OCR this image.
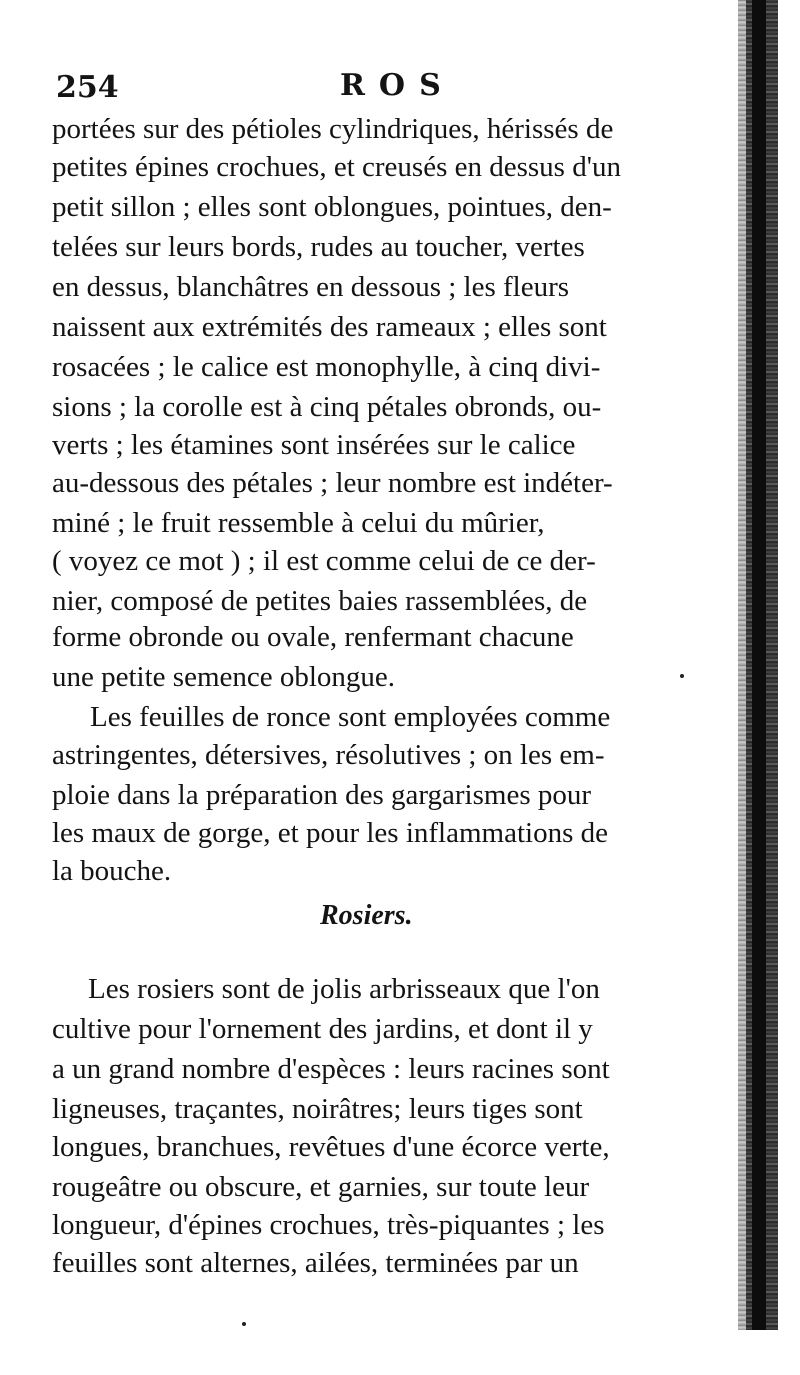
254	ROS
portées sur des pétioles cylindriques, hérissés de
petites épines crochues, et creusés en dessus d'un
petit sillon ; elles sont oblongues, pointues, den-
telées sur leurs bords, rudes au toucher, vertes
en dessus, blanchâtres en dessous ; les fleurs
naissent aux extrémités des rameaux ; elles sont
rosacées ; le calice est monophylle, à cinq divi-
sions ; la corolle est à cinq pétales obronds, ou-
verts ; les étamines sont insérées sur le calice
au-dessous des pétales ; leur nombre est indéter-
miné ; le fruit ressemble à celui du mûrier,
( voyez ce mot ) ; il est comme celui de ce der-
nier, composé de petites baies rassemblées, de
forme obronde ou ovale, renfermant chacune
une petite semence oblongue.
Les feuilles de ronce sont employées comme
astringentes, détersives, résolutives ; on les em-
ploie dans la préparation des gargarismes pour
les maux de gorge, et pour les inflammations de
la bouche.
Rosiers.
Les rosiers sont de jolis arbrisseaux que l'on
cultive pour l'ornement des jardins, et dont il y
a un grand nombre d'espèces : leurs racines sont
ligneuses, traçantes, noirâtres; leurs tiges sont
longues, branchues, revêtues d'une écorce verte,
rougeâtre ou obscure, et garnies, sur toute leur
longueur, d'épines crochues, très-piquantes ; les
feuilles sont alternes, ailées, terminées par un
